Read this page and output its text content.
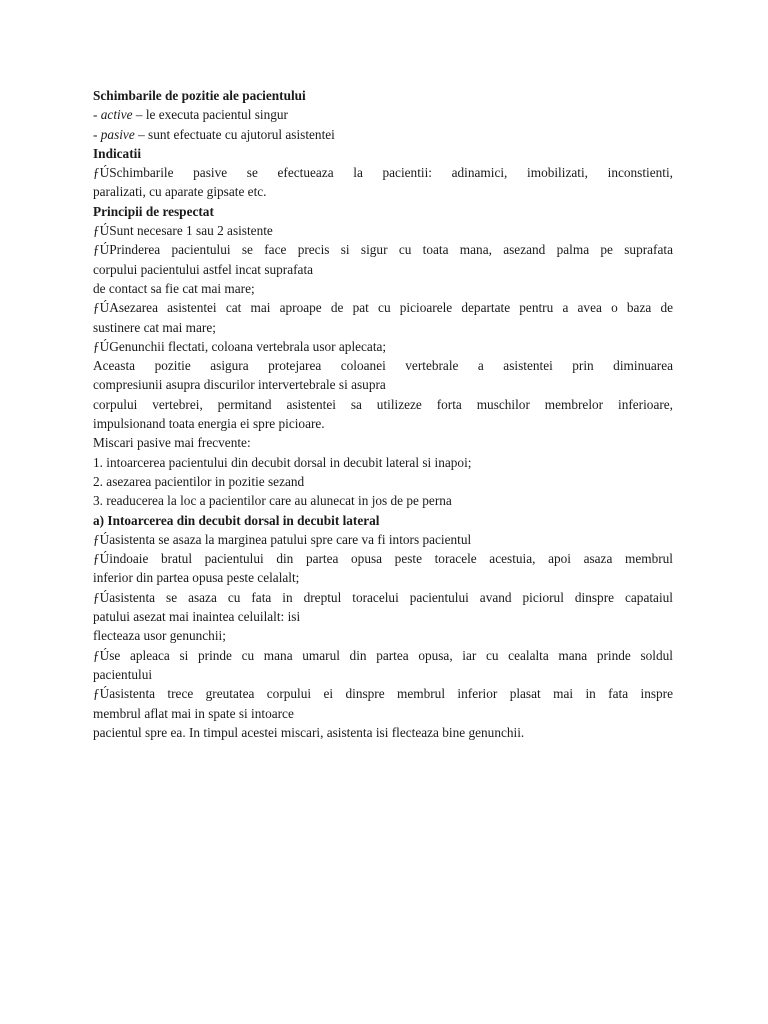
Schimbarile de pozitie ale pacientului
- active – le executa pacientul singur
- pasive – sunt efectuate cu ajutorul asistentei
Indicatii
ƒÚSchimbarile pasive se efectueaza la pacientii: adinamici, imobilizati, inconstienti,
paralizati, cu aparate gipsate etc.
Principii de respectat
ƒÚSunt necesare 1 sau 2 asistente
ƒÚPrinderea pacientului se face precis si sigur cu toata mana, asezand palma pe suprafata
corpului pacientului astfel incat suprafata
de contact sa fie cat mai mare;
ƒÚAsezarea asistentei cat mai aproape de pat cu picioarele departate pentru a avea o baza de
sustinere cat mai mare;
ƒÚGenunchii flectati, coloana vertebrala usor aplecata;
Aceasta pozitie asigura protejarea coloanei vertebrale a asistentei prin diminuarea
compresiunii asupra discurilor intervertebrale si asupra
corpului vertebrei, permitand asistentei sa utilizeze forta muschilor membrelor inferioare,
impulsionand toata energia ei spre picioare.
Miscari pasive mai frecvente:
1. intoarcerea pacientului din decubit dorsal in decubit lateral si inapoi;
2. asezarea pacientilor in pozitie sezand
3. readucerea la loc a pacientilor care au alunecat in jos de pe perna
a) Intoarcerea din decubit dorsal in decubit lateral
ƒÚasistenta se asaza la marginea patului spre care va fi intors pacientul
ƒÚindoaie bratul pacientului din partea opusa peste toracele acestuia, apoi asaza membrul
inferior din partea opusa peste celalalt;
ƒÚasistenta se asaza cu fata in dreptul toracelui pacientului avand piciorul dinspre capataiul
patului asezat mai inaintea celuilalt: isi
flecteaza usor genunchii;
ƒÚse apleaca si prinde cu mana umarul din partea opusa, iar cu cealalta mana prinde soldul
pacientului
ƒÚasistenta trece greutatea corpului ei dinspre membrul inferior plasat mai in fata inspre
membrul aflat mai in spate si intoarce
pacientul spre ea. In timpul acestei miscari, asistenta isi flecteaza bine genunchii.
